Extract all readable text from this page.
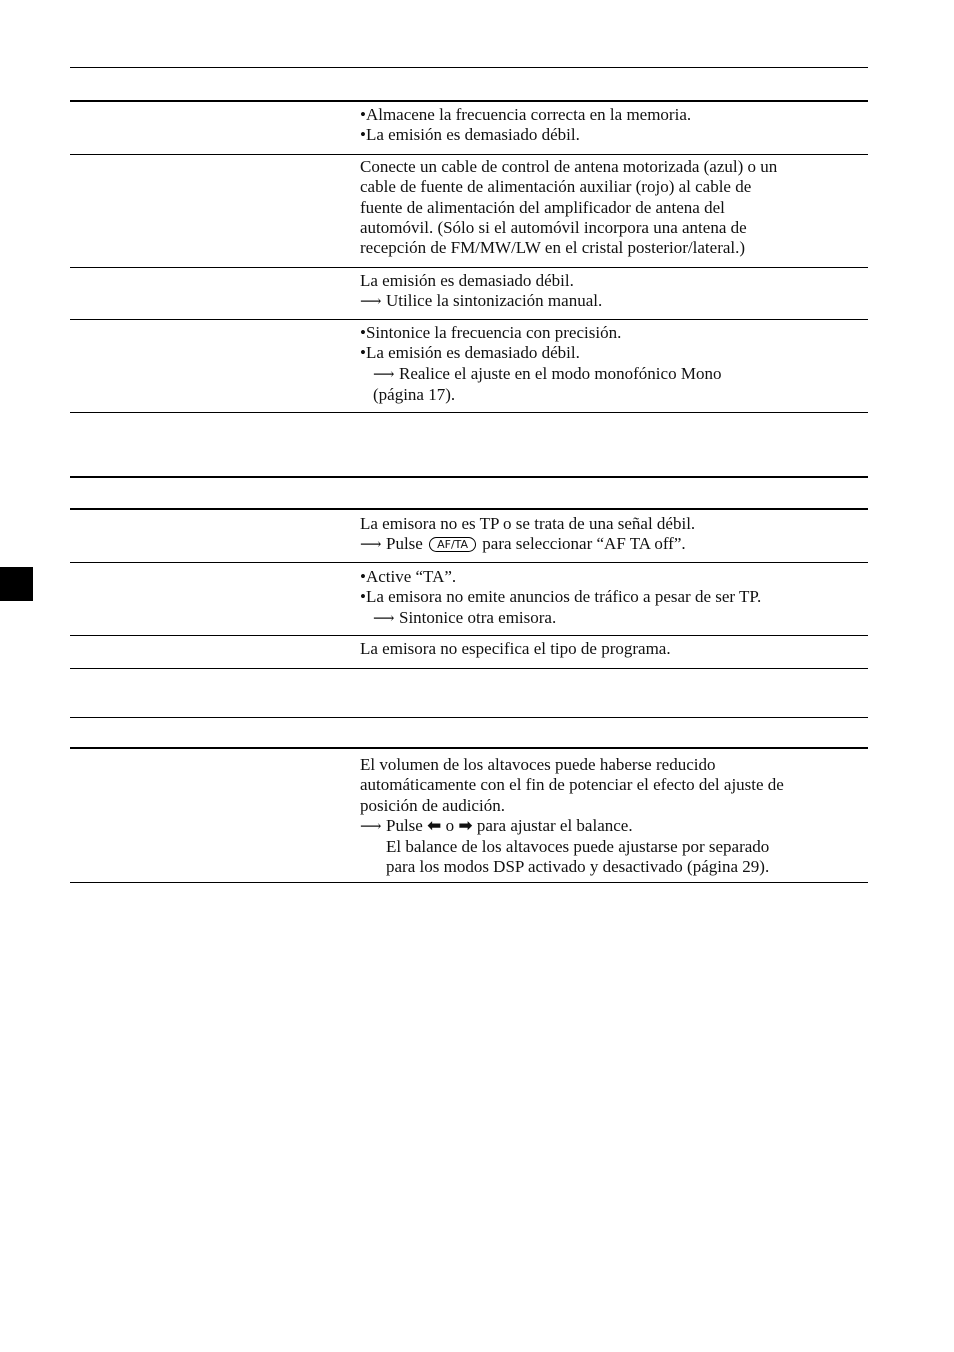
•Almacene la frecuencia correcta en la memoria.
•La emisión es demasiado débil.
Conecte un cable de control de antena motorizada (azul) o un
cable de fuente de alimentación auxiliar (rojo) al cable de
fuente de alimentación del amplificador de antena del
automóvil. (Sólo si el automóvil incorpora una antena de
recepción de FM/MW/LW en el cristal posterior/lateral.)
La emisión es demasiado débil.
⟶ Utilice la sintonización manual.
•Sintonice la frecuencia con precisión.
•La emisión es demasiado débil.
⟶ Realice el ajuste en el modo monofónico Mono
(página 17).
La emisora no es TP o se trata de una señal débil.
⟶ Pulse AF/TA para seleccionar “AF TA off”.
•Active “TA”.
•La emisora no emite anuncios de tráfico a pesar de ser TP.
⟶ Sintonice otra emisora.
La emisora no especifica el tipo de programa.
El volumen de los altavoces puede haberse reducido
automáticamente con el fin de potenciar el efecto del ajuste de
posición de audición.
⟶ Pulse ⬅ o ➡ para ajustar el balance.
El balance de los altavoces puede ajustarse por separado
para los modos DSP activado y desactivado (página 29).
